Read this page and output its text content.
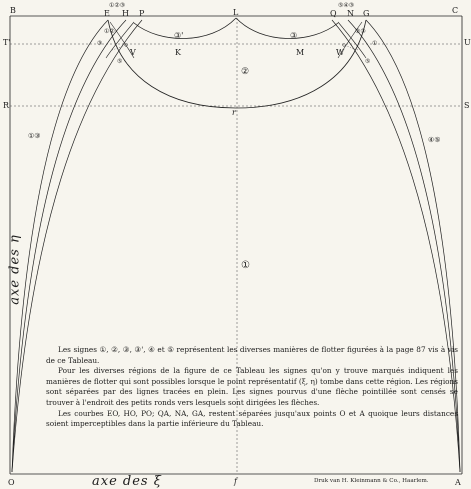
B	C
L
E H P	Q N G
T'	U
R	S
r
K	M
V	W
O	A
f
③'	③
②
①
①③	④⑤
①②③	⑤④③
①②
③
⑤
②③
①
⑤
axe des η
axe des ξ

Les signes ①, ②, ③, ③', ④ et ⑤ représentent les diverses manières de flotter figurées à la page 87 vis à vis de ce Tableau.

Pour les diverses régions de la figure de ce Tableau les signes qu'on y trouve marqués indiquent les manières de flotter qui sont possibles lorsque le point représentatif (ξ, η) tombe dans cette région. Les régions sont séparées par des lignes tracées en plein. Les signes pourvus d'une flèche pointillée sont censés se trouver à l'endroit des petits ronds vers lesquels sont dirigées les flèches.

Les courbes EO, HO, PO; QA, NA, GA, restent séparées jusqu'aux points O et A quoique leurs distances soient imperceptibles dans la partie inférieure du Tableau.

Druk van H. Kleinmann & Co., Haarlem.
